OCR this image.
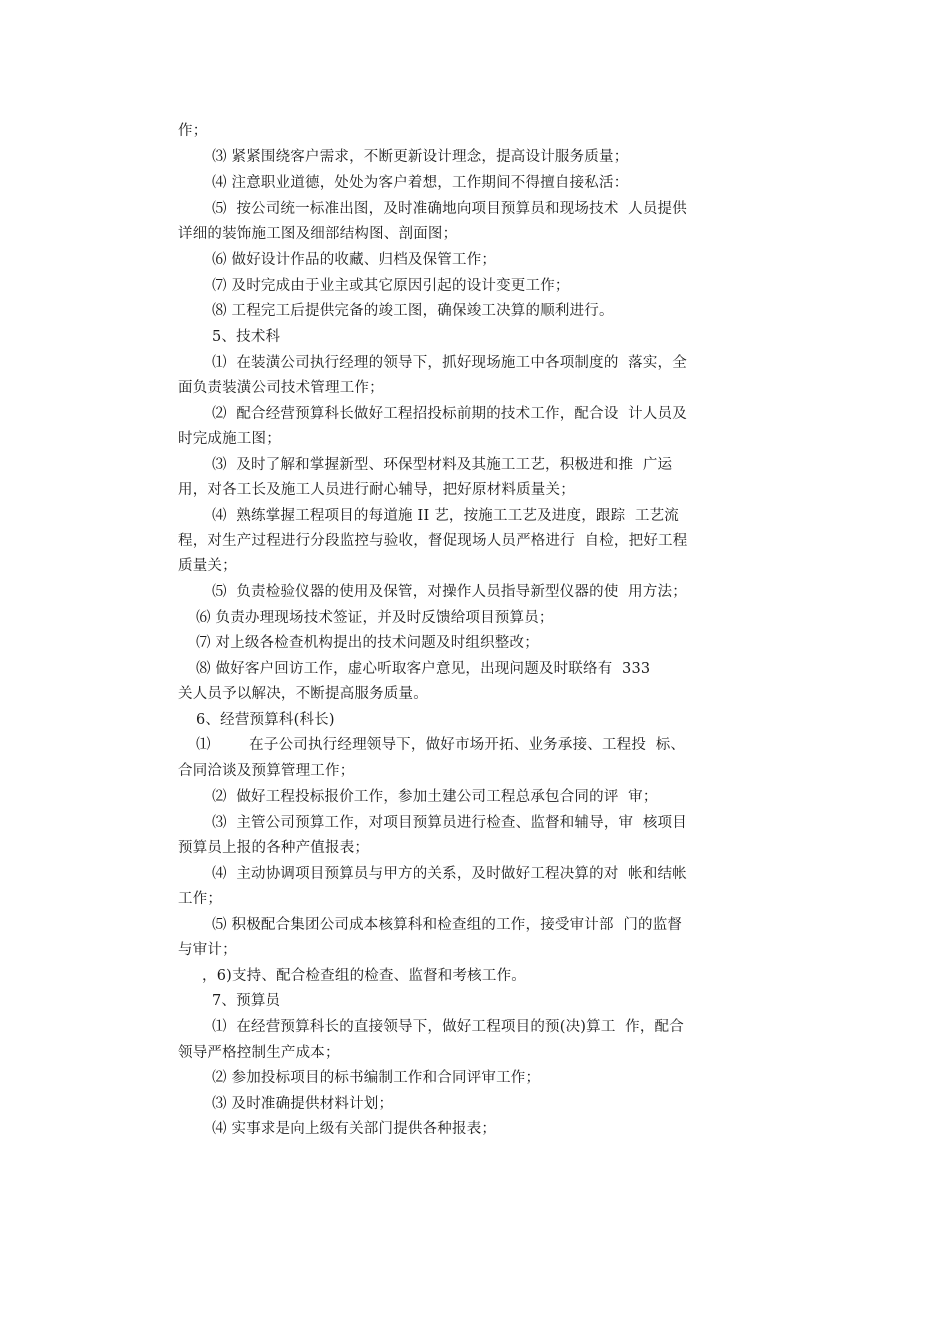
作；
⑶ 紧紧围绕客户需求，不断更新设计理念，提高设计服务质量；
⑷ 注意职业道德，处处为客户着想，工作期间不得擅自接私活：
⑸  按公司统一标准出图，及时准确地向项目预算员和现场技术  人员提供
详细的装饰施工图及细部结构图、剖面图；
⑹ 做好设计作品的收藏、归档及保管工作；
⑺ 及时完成由于业主或其它原因引起的设计变更工作；
⑻ 工程完工后提供完备的竣工图，确保竣工决算的顺利进行。
5、技术科
⑴  在装潢公司执行经理的领导下，抓好现场施工中各项制度的  落实，全
面负责装潢公司技术管理工作；
⑵  配合经营预算科长做好工程招投标前期的技术工作，配合设  计人员及
时完成施工图；
⑶  及时了解和掌握新型、环保型材料及其施工工艺，积极进和推  广运
用，对各工长及施工人员进行耐心辅导，把好原材料质量关；
⑷  熟练掌握工程项目的每道施 II 艺，按施工工艺及进度，跟踪  工艺流
程，对生产过程进行分段监控与验收，督促现场人员严格进行  自检，把好工程
质量关；
⑸  负责检验仪器的使用及保管，对操作人员指导新型仪器的使  用方法；
⑹ 负责办理现场技术签证，并及时反馈给项目预算员；
⑺ 对上级各检查机构提出的技术问题及时组织整改；
⑻ 做好客户回访工作，虚心听取客户意见，出现问题及时联络有  333
关人员予以解决，不断提高服务质量。
6、经营预算科(科长)
⑴        在子公司执行经理领导下，做好市场开拓、业务承接、工程投  标、
合同洽谈及预算管理工作；
⑵  做好工程投标报价工作，参加土建公司工程总承包合同的评  审；
⑶  主管公司预算工作，对项目预算员进行检查、监督和辅导，审  核项目
预算员上报的各种产值报表；
⑷  主动协调项目预算员与甲方的关系，及时做好工程决算的对  帐和结帐
工作；
⑸ 积极配合集团公司成本核算科和检查组的工作，接受审计部  门的监督
与审计；
，6)支持、配合检查组的检查、监督和考核工作。
7、预算员
⑴  在经营预算科长的直接领导下，做好工程项目的预(决)算工  作，配合
领导严格控制生产成本；
⑵ 参加投标项目的标书编制工作和合同评审工作；
⑶ 及时准确提供材料计划；
⑷ 实事求是向上级有关部门提供各种报表；
